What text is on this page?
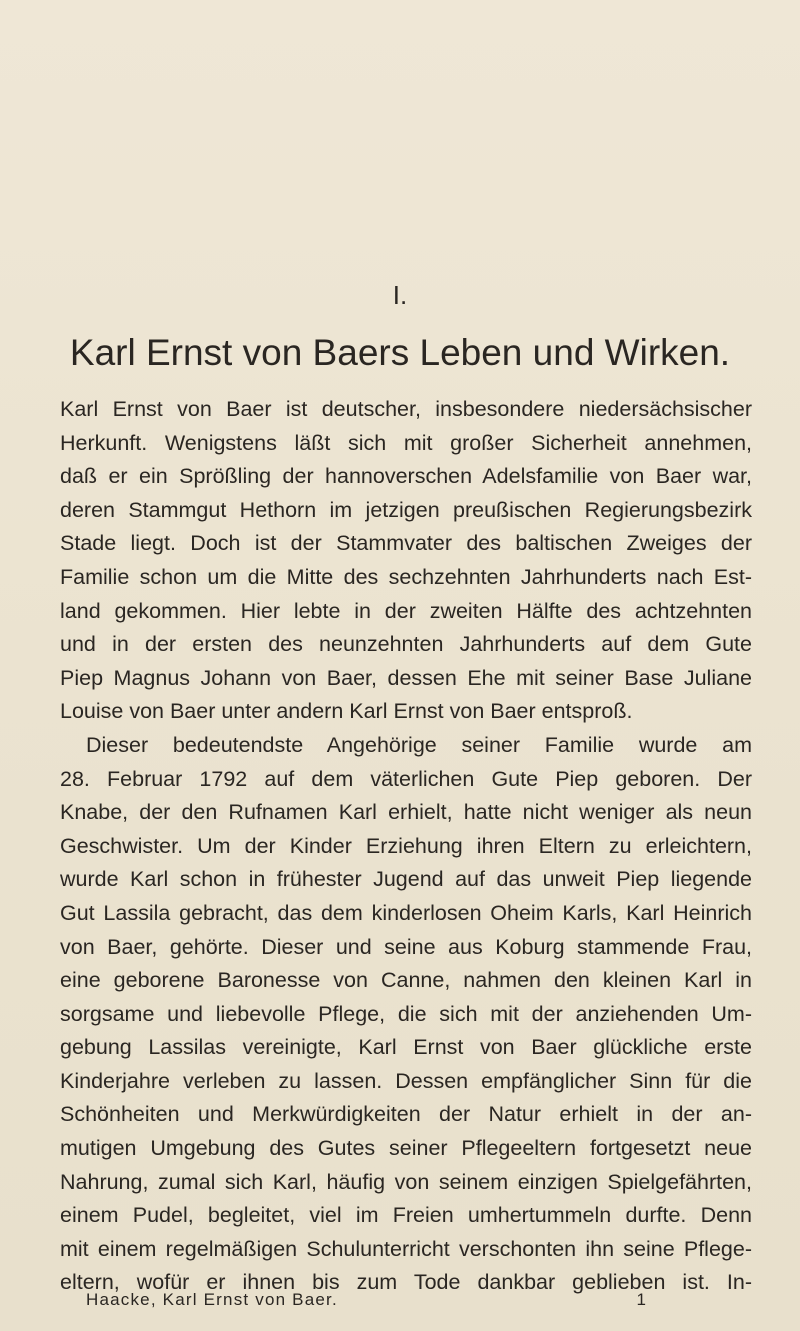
I.
Karl Ernst von Baers Leben und Wirken.
Karl Ernst von Baer ist deutscher, insbesondere niedersächsischer
Herkunft. Wenigstens läßt sich mit großer Sicherheit annehmen,
daß er ein Sprößling der hannoverschen Adelsfamilie von Baer war,
deren Stammgut Hethorn im jetzigen preußischen Regierungsbezirk
Stade liegt. Doch ist der Stammvater des baltischen Zweiges der
Familie schon um die Mitte des sechzehnten Jahrhunderts nach Est-
land gekommen. Hier lebte in der zweiten Hälfte des achtzehnten
und in der ersten des neunzehnten Jahrhunderts auf dem Gute
Piep Magnus Johann von Baer, dessen Ehe mit seiner Base Juliane
Louise von Baer unter andern Karl Ernst von Baer entsproß.
Dieser bedeutendste Angehörige seiner Familie wurde am
28. Februar 1792 auf dem väterlichen Gute Piep geboren. Der
Knabe, der den Rufnamen Karl erhielt, hatte nicht weniger als neun
Geschwister. Um der Kinder Erziehung ihren Eltern zu erleichtern,
wurde Karl schon in frühester Jugend auf das unweit Piep liegende
Gut Lassila gebracht, das dem kinderlosen Oheim Karls, Karl Heinrich
von Baer, gehörte. Dieser und seine aus Koburg stammende Frau,
eine geborene Baronesse von Canne, nahmen den kleinen Karl in
sorgsame und liebevolle Pflege, die sich mit der anziehenden Um-
gebung Lassilas vereinigte, Karl Ernst von Baer glückliche erste
Kinderjahre verleben zu lassen. Dessen empfänglicher Sinn für die
Schönheiten und Merkwürdigkeiten der Natur erhielt in der an-
mutigen Umgebung des Gutes seiner Pflegeeltern fortgesetzt neue
Nahrung, zumal sich Karl, häufig von seinem einzigen Spielgefährten,
einem Pudel, begleitet, viel im Freien umhertummeln durfte. Denn
mit einem regelmäßigen Schulunterricht verschonten ihn seine Pflege-
eltern, wofür er ihnen bis zum Tode dankbar geblieben ist. In-
Haacke, Karl Ernst von Baer.	1
